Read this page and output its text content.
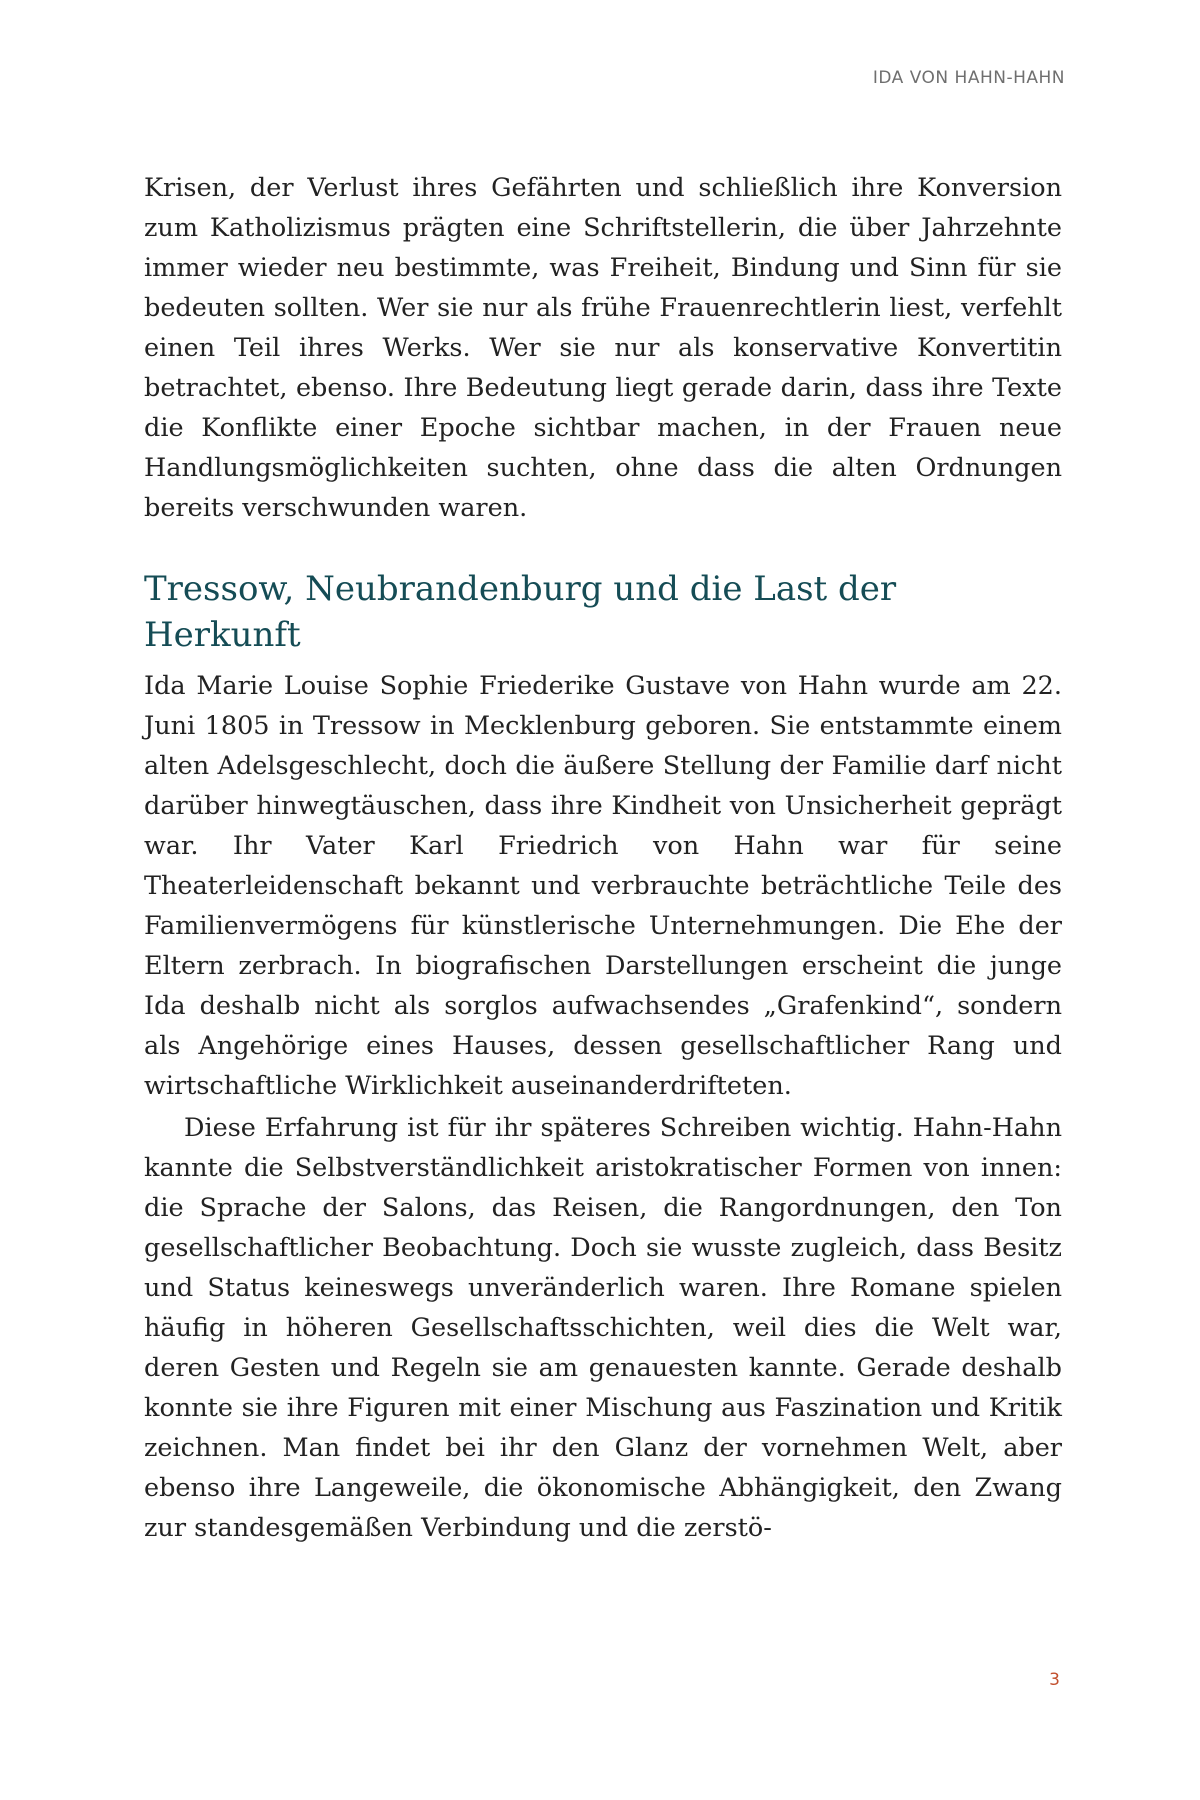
IDA VON HAHN-HAHN

Krisen, der Verlust ihres Gefährten und schließlich ihre Konversion zum Katholizismus prägten eine Schriftstellerin, die über Jahrzehnte immer wieder neu bestimmte, was Freiheit, Bindung und Sinn für sie bedeuten sollten. Wer sie nur als frühe Frauenrechtlerin liest, verfehlt einen Teil ihres Werks. Wer sie nur als konservative Konvertitin betrachtet, ebenso. Ihre Bedeutung liegt gerade darin, dass ihre Texte die Konflikte einer Epoche sichtbar machen, in der Frauen neue Handlungsmöglichkeiten suchten, ohne dass die alten Ordnungen bereits verschwunden waren.

Tressow, Neubrandenburg und die Last der Herkunft

Ida Marie Louise Sophie Friederike Gustave von Hahn wurde am 22. Juni 1805 in Tressow in Mecklenburg geboren. Sie entstammte einem alten Adelsgeschlecht, doch die äußere Stellung der Familie darf nicht darüber hinwegtäuschen, dass ihre Kindheit von Unsicherheit geprägt war. Ihr Vater Karl Friedrich von Hahn war für seine Theaterleidenschaft bekannt und verbrauchte beträchtliche Teile des Familienvermögens für künstlerische Unternehmungen. Die Ehe der Eltern zerbrach. In biografischen Darstellungen erscheint die junge Ida deshalb nicht als sorglos aufwachsendes „Grafenkind“, sondern als Angehörige eines Hauses, dessen gesellschaftlicher Rang und wirtschaftliche Wirklichkeit auseinanderdrifteten.

Diese Erfahrung ist für ihr späteres Schreiben wichtig. Hahn-Hahn kannte die Selbstverständlichkeit aristokratischer Formen von innen: die Sprache der Salons, das Reisen, die Rangordnungen, den Ton gesellschaftlicher Beobachtung. Doch sie wusste zugleich, dass Besitz und Status keineswegs unveränderlich waren. Ihre Romane spielen häufig in höheren Gesellschaftsschichten, weil dies die Welt war, deren Gesten und Regeln sie am genauesten kannte. Gerade deshalb konnte sie ihre Figuren mit einer Mischung aus Faszination und Kritik zeichnen. Man findet bei ihr den Glanz der vornehmen Welt, aber ebenso ihre Langeweile, die ökonomische Abhängigkeit, den Zwang zur standesgemäßen Verbindung und die zerstö-

3
